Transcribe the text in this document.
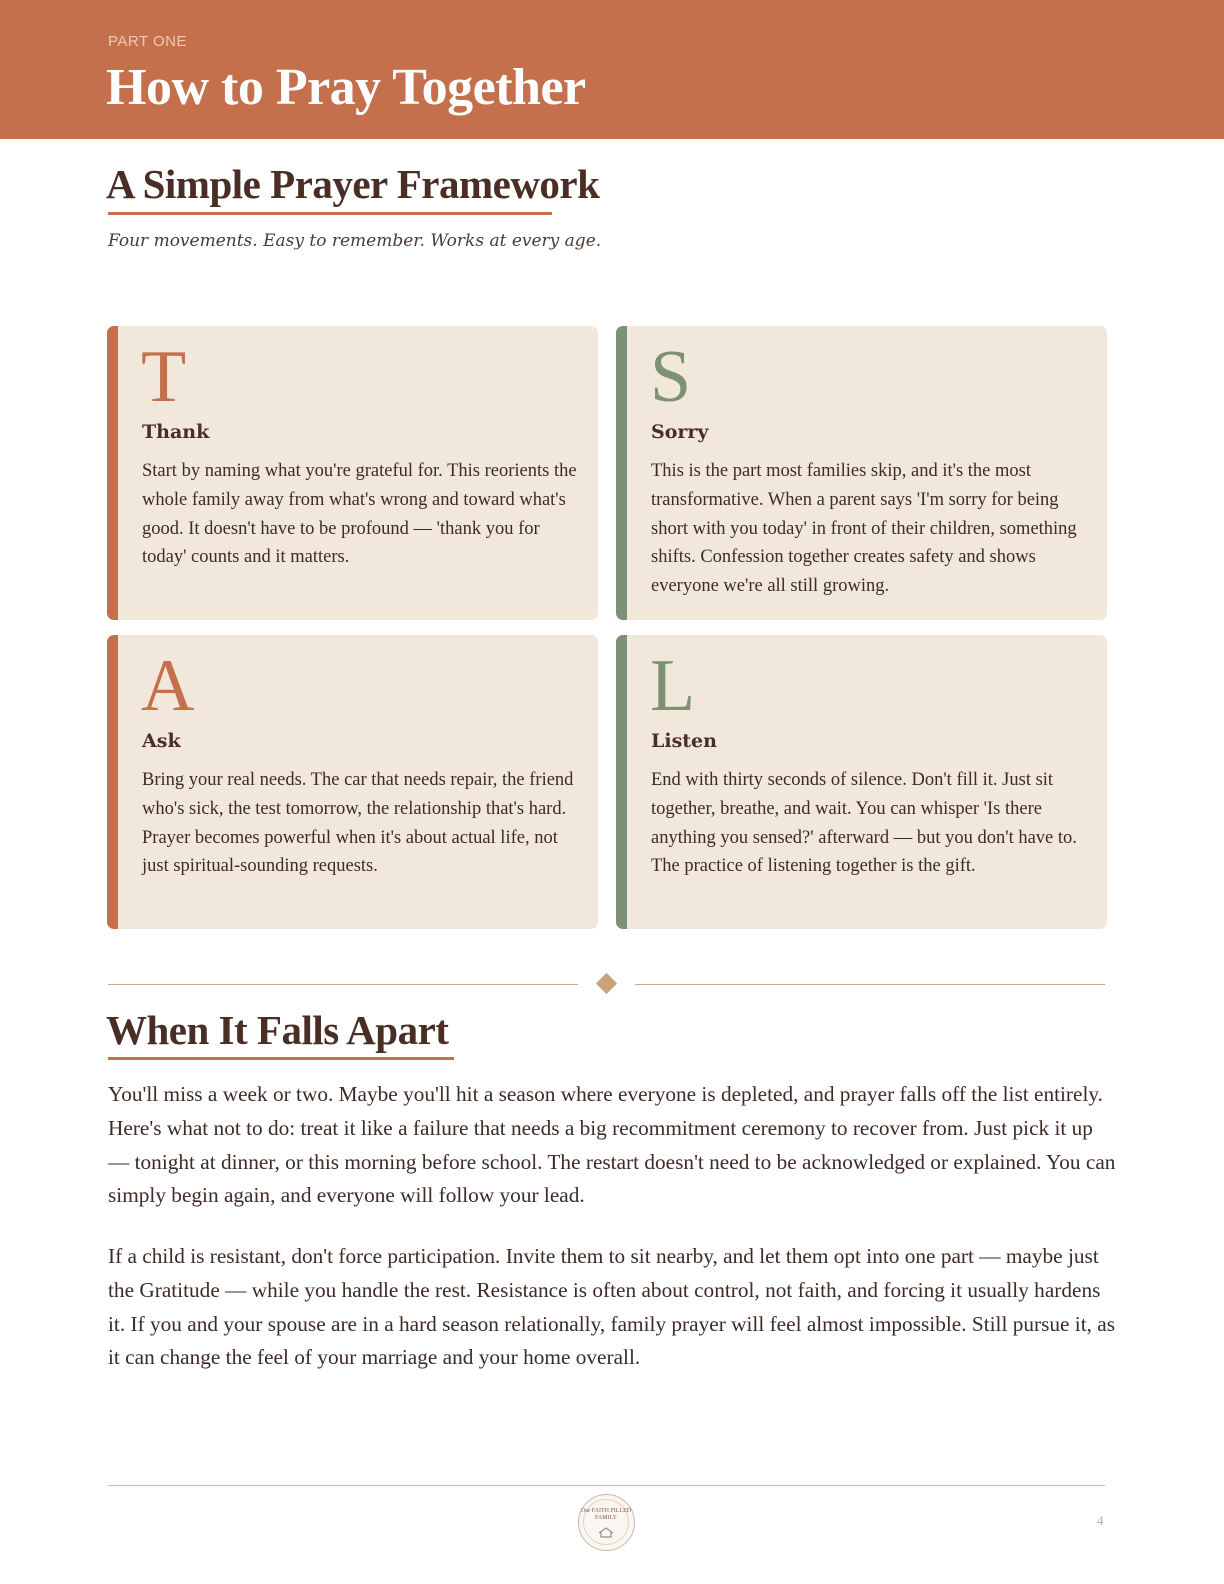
PART ONE
How to Pray Together
A Simple Prayer Framework
Four movements. Easy to remember. Works at every age.
T
Thank
Start by naming what you're grateful for. This reorients the whole family away from what's wrong and toward what's good. It doesn't have to be profound — 'thank you for today' counts and it matters.
S
Sorry
This is the part most families skip, and it's the most transformative. When a parent says 'I'm sorry for being short with you today' in front of their children, something shifts. Confession together creates safety and shows everyone we're all still growing.
A
Ask
Bring your real needs. The car that needs repair, the friend who's sick, the test tomorrow, the relationship that's hard. Prayer becomes powerful when it's about actual life, not just spiritual-sounding requests.
L
Listen
End with thirty seconds of silence. Don't fill it. Just sit together, breathe, and wait. You can whisper 'Is there anything you sensed?' afterward — but you don't have to. The practice of listening together is the gift.
When It Falls Apart
You'll miss a week or two. Maybe you'll hit a season where everyone is depleted, and prayer falls off the list entirely. Here's what not to do: treat it like a failure that needs a big recommitment ceremony to recover from. Just pick it up — tonight at dinner, or this morning before school. The restart doesn't need to be acknowledged or explained. You can simply begin again, and everyone will follow your lead.
If a child is resistant, don't force participation. Invite them to sit nearby, and let them opt into one part — maybe just the Gratitude — while you handle the rest. Resistance is often about control, not faith, and forcing it usually hardens it. If you and your spouse are in a hard season relationally, family prayer will feel almost impossible. Still pursue it, as it can change the feel of your marriage and your home overall.
Our FAITH FILLED FAMILY	4
